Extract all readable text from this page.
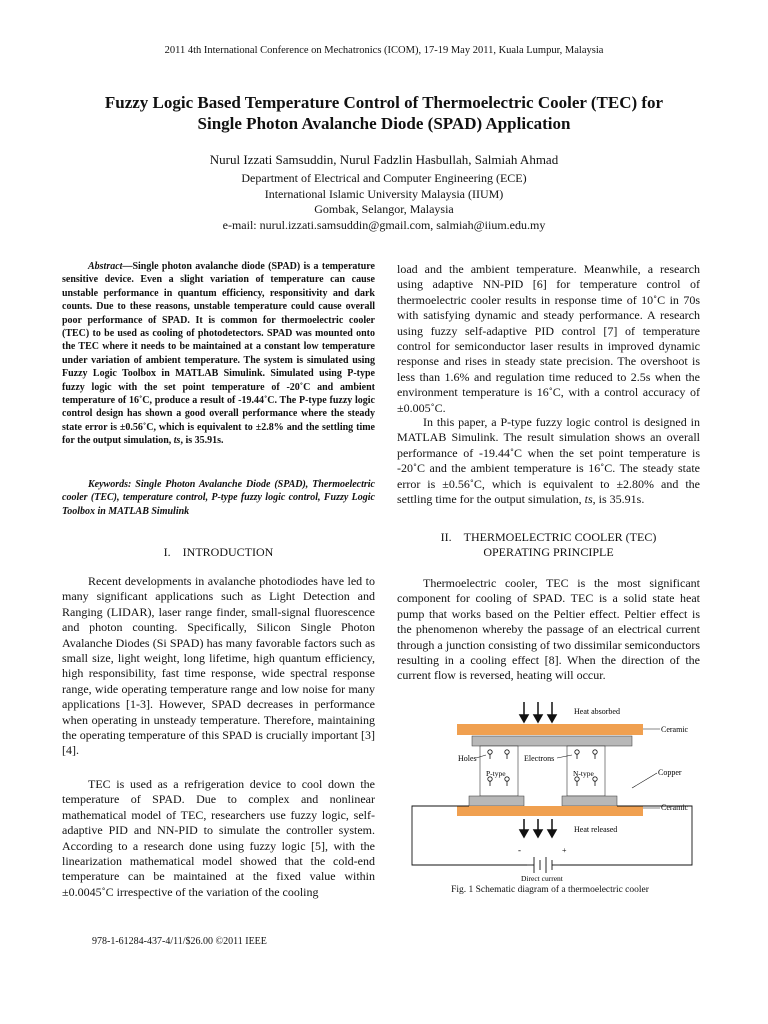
2011 4th International Conference on Mechatronics (ICOM), 17-19 May 2011, Kuala Lumpur, Malaysia
Fuzzy Logic Based Temperature Control of Thermoelectric Cooler (TEC) for
Single Photon Avalanche Diode (SPAD) Application
Nurul Izzati Samsuddin, Nurul Fadzlin Hasbullah, Salmiah Ahmad
Department of Electrical and Computer Engineering (ECE)
International Islamic University Malaysia (IIUM)
Gombak, Selangor, Malaysia
e-mail: nurul.izzati.samsuddin@gmail.com, salmiah@iium.edu.my

Abstract—Single photon avalanche diode (SPAD) is a temperature sensitive device. Even a slight variation of temperature can cause unstable performance in quantum efficiency, responsitivity and dark counts. Due to these reasons, unstable temperature could cause overall poor performance of SPAD. It is common for thermoelectric cooler (TEC) to be used as cooling of photodetectors. SPAD was mounted onto the TEC where it needs to be maintained at a constant low temperature under variation of ambient temperature. The system is simulated using Fuzzy Logic Toolbox in MATLAB Simulink. Simulated using P-type fuzzy logic with the set point temperature of -20˚C and ambient temperature of 16˚C, produce a result of -19.44˚C. The P-type fuzzy logic control design has shown a good overall performance where the steady state error is ±0.56˚C, which is equivalent to ±2.8% and the settling time for the output simulation, ts, is 35.91s.

Keywords: Single Photon Avalanche Diode (SPAD), Thermoelectric cooler (TEC), temperature control, P-type fuzzy logic control, Fuzzy Logic Toolbox in MATLAB Simulink

I. INTRODUCTION

Recent developments in avalanche photodiodes have led to many significant applications such as Light Detection and Ranging (LIDAR), laser range finder, small-signal fluorescence and photon counting. Specifically, Silicon Single Photon Avalanche Diodes (Si SPAD) has many favorable factors such as small size, light weight, long lifetime, high quantum efficiency, high responsibility, fast time response, wide spectral response range, wide operating temperature range and low noise for many applications [1-3]. However, SPAD decreases in performance when operating in unsteady temperature. Therefore, maintaining the operating temperature of this SPAD is crucially important [3][4].

TEC is used as a refrigeration device to cool down the temperature of SPAD. Due to complex and nonlinear mathematical model of TEC, researchers use fuzzy logic, self-adaptive PID and NN-PID to simulate the controller system. According to a research done using fuzzy logic [5], with the linearization mathematical model showed that the cold-end temperature can be maintained at the fixed value within ±0.0045˚C irrespective of the variation of the cooling

load and the ambient temperature. Meanwhile, a research using adaptive NN-PID [6] for temperature control of thermoelectric cooler results in response time of 10˚C in 70s with satisfying dynamic and steady performance. A research using fuzzy self-adaptive PID control [7] of temperature control for semiconductor laser results in improved dynamic response and rises in steady state precision. The overshoot is less than 1.6% and regulation time reduced to 2.5s when the environment temperature is 16˚C, with a control accuracy of ±0.005˚C.

In this paper, a P-type fuzzy logic control is designed in MATLAB Simulink. The result simulation shows an overall performance of -19.44˚C when the set point temperature is -20˚C and the ambient temperature is 16˚C. The steady state error is ±0.56˚C, which is equivalent to ±2.80% and the settling time for the output simulation, ts, is 35.91s.

II. THERMOELECTRIC COOLER (TEC)
OPERATING PRINCIPLE

Thermoelectric cooler, TEC is the most significant component for cooling of SPAD. TEC is a solid state heat pump that works based on the Peltier effect. Peltier effect is the phenomenon whereby the passage of an electrical current through a junction consisting of two dissimilar semiconductors resulting in a cooling effect [8]. When the direction of the current flow is reversed, heating will occur.

Heat absorbed
Ceramic
Holes	Electrons
P-type	N-type	Copper
Ceramic
Heat released
-	+
Direct current
Fig. 1 Schematic diagram of a thermoelectric cooler
978-1-61284-437-4/11/$26.00 ©2011 IEEE
